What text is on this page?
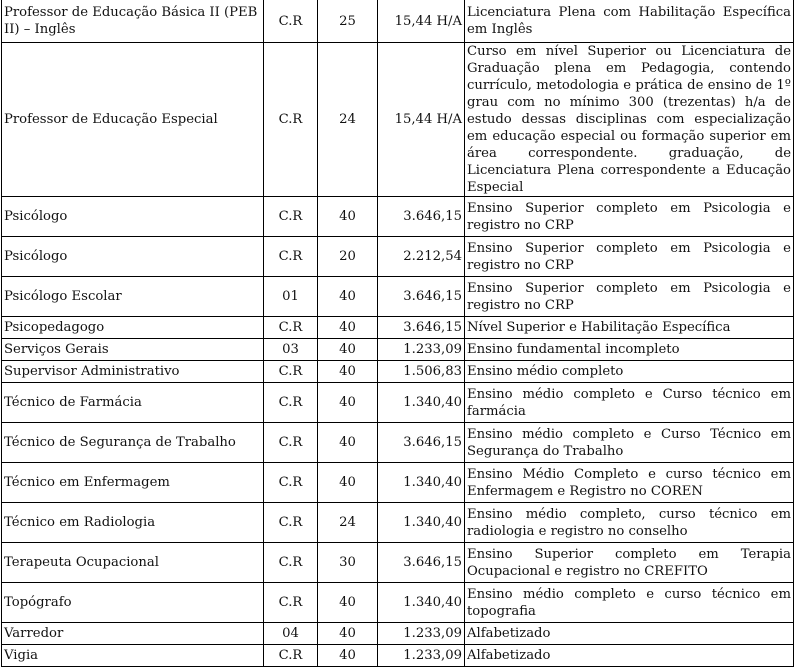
Professor de Educação Básica II (PEB II) – Inglês	C.R	25	15,44 H/A	Licenciatura Plena com Habilitação Específica em Inglês
Professor de Educação Especial	C.R	24	15,44 H/A	Curso em nível Superior ou Licenciatura de Graduação plena em Pedagogia, contendo currículo, metodologia e prática de ensino de 1º grau com no mínimo 300 (trezentas) h/a de estudo dessas disciplinas com especialização em educação especial ou formação superior em área correspondente. graduação, de Licenciatura Plena correspondente a Educação Especial
Psicólogo	C.R	40	3.646,15	Ensino Superior completo em Psicologia e registro no CRP
Psicólogo	C.R	20	2.212,54	Ensino Superior completo em Psicologia e registro no CRP
Psicólogo Escolar	01	40	3.646,15	Ensino Superior completo em Psicologia e registro no CRP
Psicopedagogo	C.R	40	3.646,15	Nível Superior e Habilitação Específica
Serviços Gerais	03	40	1.233,09	Ensino fundamental incompleto
Supervisor Administrativo	C.R	40	1.506,83	Ensino médio completo
Técnico de Farmácia	C.R	40	1.340,40	Ensino médio completo e Curso técnico em farmácia
Técnico de Segurança de Trabalho	C.R	40	3.646,15	Ensino médio completo e Curso Técnico em Segurança do Trabalho
Técnico em Enfermagem	C.R	40	1.340,40	Ensino Médio Completo e curso técnico em Enfermagem e Registro no COREN
Técnico em Radiologia	C.R	24	1.340,40	Ensino médio completo, curso técnico em radiologia e registro no conselho
Terapeuta Ocupacional	C.R	30	3.646,15	Ensino Superior completo em Terapia Ocupacional e registro no CREFITO
Topógrafo	C.R	40	1.340,40	Ensino médio completo e curso técnico em topografia
Varredor	04	40	1.233,09	Alfabetizado
Vigia	C.R	40	1.233,09	Alfabetizado
